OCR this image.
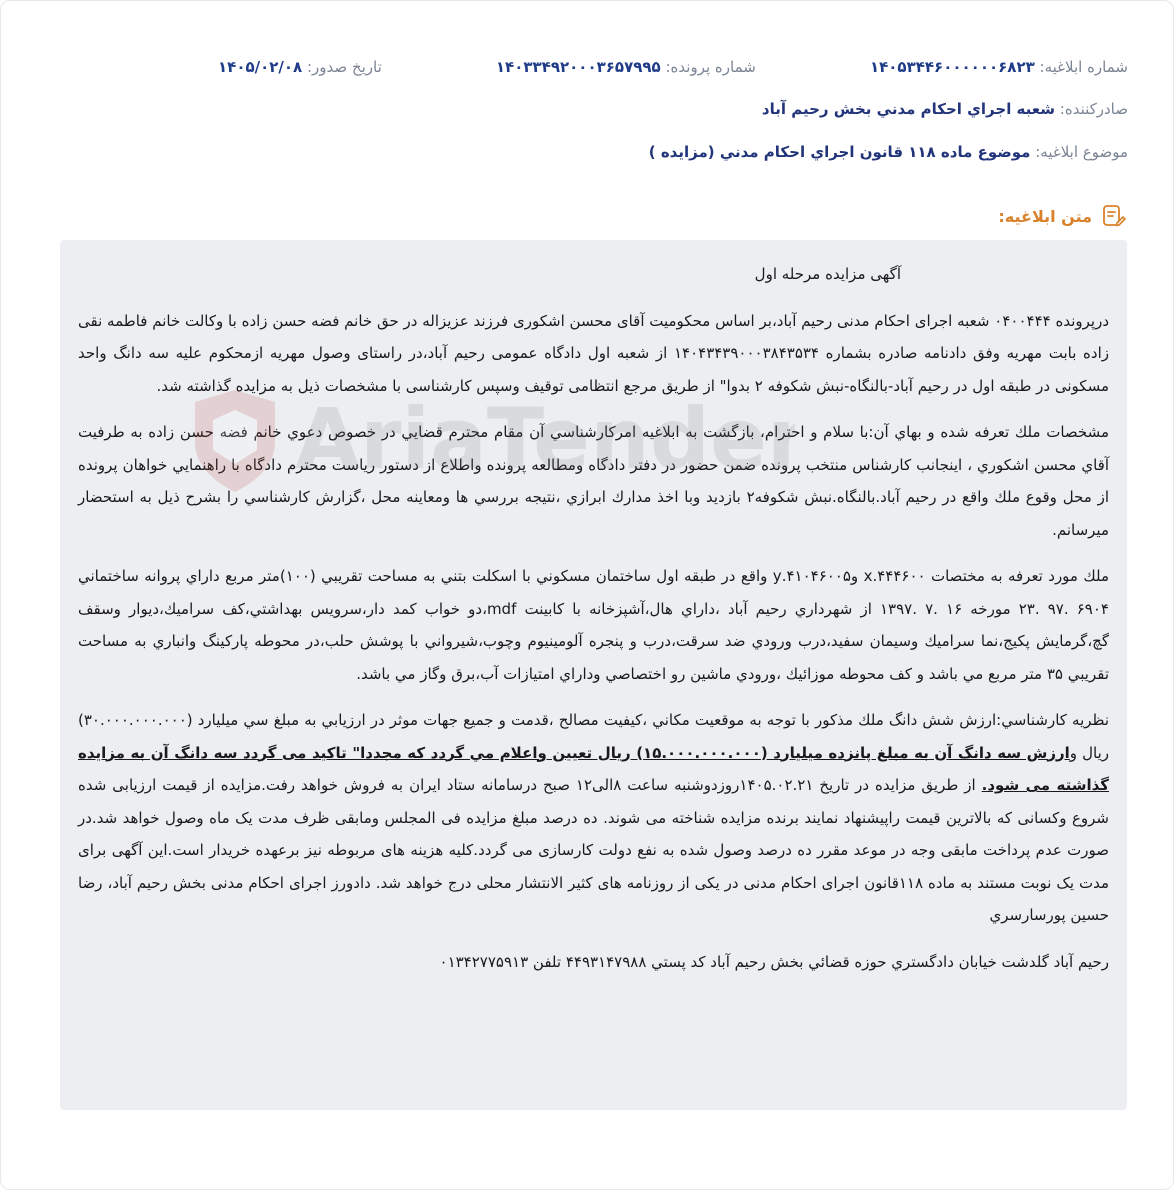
شماره ابلاغیه: ۱۴۰۵۳۴۴۶۰۰۰۰۰۰۶۸۲۳
شماره پرونده: ۱۴۰۳۳۴۹۲۰۰۰۳۶۵۷۹۹۵
تاریخ صدور: ۱۴۰۵/۰۲/۰۸
صادرکننده: شعبه اجراي احکام مدني بخش رحيم آباد
موضوع ابلاغیه: موضوع ماده ۱۱۸ قانون اجراي احکام مدني (مزايده )
متن ابلاغیه:

آگهی مزایده مرحله اول

درپرونده ۰۴۰۰۴۴۴ شعبه اجرای احکام مدنی رحیم آباد،بر اساس محکومیت آقای محسن اشکوری فرزند عزیزاله در حق خانم فضه حسن زاده با وکالت خانم فاطمه نقی زاده بابت مهریه وفق دادنامه صادره بشماره ۱۴۰۴۳۴۳۹۰۰۰۳۸۴۳۵۳۴ از شعبه اول دادگاه عمومی رحیم آباد،در راستای وصول مهریه ازمحکوم علیه سه دانگ واحد مسکونی در طبقه اول در رحیم آباد-بالنگاه-نبش شکوفه ۲ بدوا" از طریق مرجع انتظامی توقیف وسپس کارشناسی با مشخصات ذیل به مزایده گذاشته شد.

مشخصات ملك تعرفه شده و بهاي آن:با سلام و احترام، بازگشت به ابلاغيه امركارشناسي آن مقام محترم قضايي در خصوص دعوي خانم فضه حسن زاده به طرفيت آقاي محسن اشكوري ، اينجانب كارشناس منتخب پرونده ضمن حضور در دفتر دادگاه ومطالعه پرونده واطلاع از دستور رياست محترم دادگاه با راهنمايي خواهان پرونده از محل وقوع ملك واقع در رحيم آباد.بالنگاه.نبش شكوفه۲ بازديد وبا اخذ مدارك ابرازي ،نتيجه بررسي ها ومعاينه محل ،گزارش كارشناسي را بشرح ذيل به استحضار ميرسانم.

ملك مورد تعرفه به مختصات ۴۴۴۶۰۰.x و۴۱۰۴۶۰۰۵.y واقع در طبقه اول ساختمان مسكوني با اسكلت بتني به مساحت تقريبي (۱۰۰)متر مربع داراي پروانه ساختماني ۶۹۰۴ .۹۷ .۲۳ مورخه ۱۶ .۷ .۱۳۹۷ از شهرداري رحيم آباد ،داراي هال،آشپزخانه با كابينت mdf،دو خواب كمد دار،سرويس بهداشتي،كف سراميك،ديوار وسقف گچ،گرمايش پكيج،نما سراميك وسيمان سفيد،درب ورودي ضد سرقت،درب و پنجره آلومينيوم وچوب،شيرواني با پوشش حلب،در محوطه پاركينگ وانباري به مساحت تقريبي ۳۵ متر مربع مي باشد و كف محوطه موزائيك ،ورودي ماشين رو اختصاصي وداراي امتيازات آب،برق وگاز مي باشد.

نظريه كارشناسي:ارزش شش دانگ ملك مذكور با توجه به موقعيت مكاني ،كيفيت مصالح ،قدمت و جميع جهات موثر در ارزيابي به مبلغ سي ميليارد (۳۰.۰۰۰.۰۰۰.۰۰۰) ريال وارزش سه دانگ آن به مبلغ پانزده میلیارد (۱۵.۰۰۰.۰۰۰.۰۰۰) ریال تعيين واعلام مي گردد كه مجددا" تاکید می گردد سه دانگ آن به مزایده گذاشته می شود. از طریق مزایده در تاریخ ۱۴۰۵.۰۲.۲۱روزدوشنبه ساعت ۸الی۱۲ صبح درسامانه ستاد ایران به فروش خواهد رفت.مزایده از قیمت ارزیابی شده شروع وکسانی که بالاترین قیمت راپیشنهاد نمایند برنده مزایده شناخته می شوند. ده درصد مبلغ مزایده فی المجلس ومابقی ظرف مدت یک ماه وصول خواهد شد.در صورت عدم پرداخت مابقی وجه در موعد مقرر ده درصد وصول شده به نفع دولت کارسازی می گردد.کلیه هزینه های مربوطه نیز برعهده خریدار است.این آگهی برای مدت یک نوبت مستند به ماده ۱۱۸قانون اجرای احکام مدنی در یکی از روزنامه های کثیر الانتشار محلی درج خواهد شد. دادورز اجرای احکام مدنی بخش رحیم آباد، رضا حسین پورسارسري

رحیم آباد گلدشت خيابان دادگستري حوزه قضائي بخش رحيم آباد كد پستي ۴۴۹۳۱۴۷۹۸۸ تلفن ۰۱۳۴۲۷۷۵۹۱۳
